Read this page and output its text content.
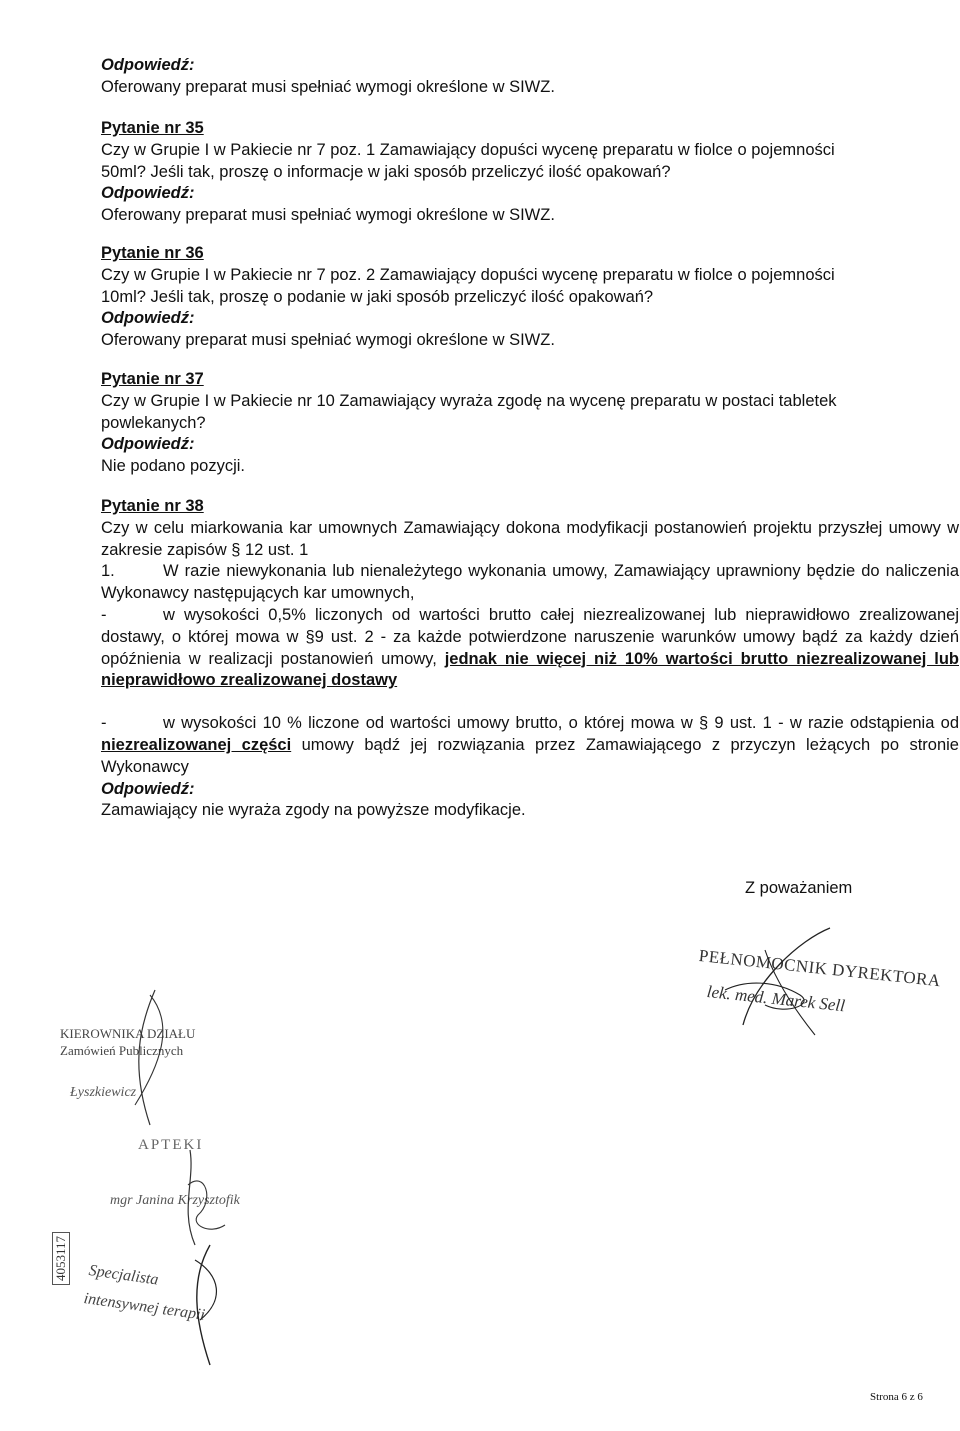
Odpowiedź:

Oferowany preparat musi spełniać wymogi określone w SIWZ.

Pytanie nr 35

Czy w Grupie I w Pakiecie nr 7 poz. 1 Zamawiający dopuści wycenę preparatu w fiolce o pojemności

50ml? Jeśli tak, proszę o informacje w jaki sposób przeliczyć ilość opakowań?

Odpowiedź:

Oferowany preparat musi spełniać wymogi określone w SIWZ.

Pytanie nr 36

Czy w Grupie I w Pakiecie nr 7 poz. 2 Zamawiający dopuści wycenę preparatu w fiolce o pojemności

10ml? Jeśli tak, proszę o podanie w jaki sposób przeliczyć ilość opakowań?

Odpowiedź:

Oferowany preparat musi spełniać wymogi określone w SIWZ.

Pytanie nr 37

Czy w Grupie I w Pakiecie nr 10 Zamawiający wyraża zgodę na wycenę preparatu w postaci tabletek

powlekanych?

Odpowiedź:

Nie podano pozycji.

Pytanie nr 38

Czy w celu miarkowania kar umownych Zamawiający dokona modyfikacji postanowień projektu przyszłej umowy w zakresie zapisów § 12 ust. 1

1.	W razie niewykonania lub nienależytego wykonania umowy, Zamawiający uprawniony będzie do naliczenia Wykonawcy następujących kar umownych,

-	w wysokości 0,5% liczonych od wartości brutto całej niezrealizowanej lub nieprawidłowo zrealizowanej dostawy, o której mowa w §9 ust. 2 - za każde potwierdzone naruszenie warunków umowy bądź za każdy dzień opóźnienia w realizacji postanowień umowy, jednak nie więcej niż 10% wartości brutto niezrealizowanej lub nieprawidłowo zrealizowanej dostawy

-	w wysokości 10 % liczone od wartości umowy brutto, o której mowa w § 9 ust. 1 - w razie odstąpienia od niezrealizowanej części umowy bądź jej rozwiązania przez Zamawiającego z przyczyn leżących po stronie Wykonawcy

Odpowiedź:

Zamawiający nie wyraża zgody na powyższe modyfikacje.

Z poważaniem
PEŁNOMOCNIK DYREKTORA
lek. med. Marek Sell
KIEROWNIKA DZIAŁU
Zamówień Publicznych
Łyszkiewicz
APTEKI
mgr Janina Krzysztofik
4053117 Specjalista
intensywnej terapii
Strona 6 z 6
